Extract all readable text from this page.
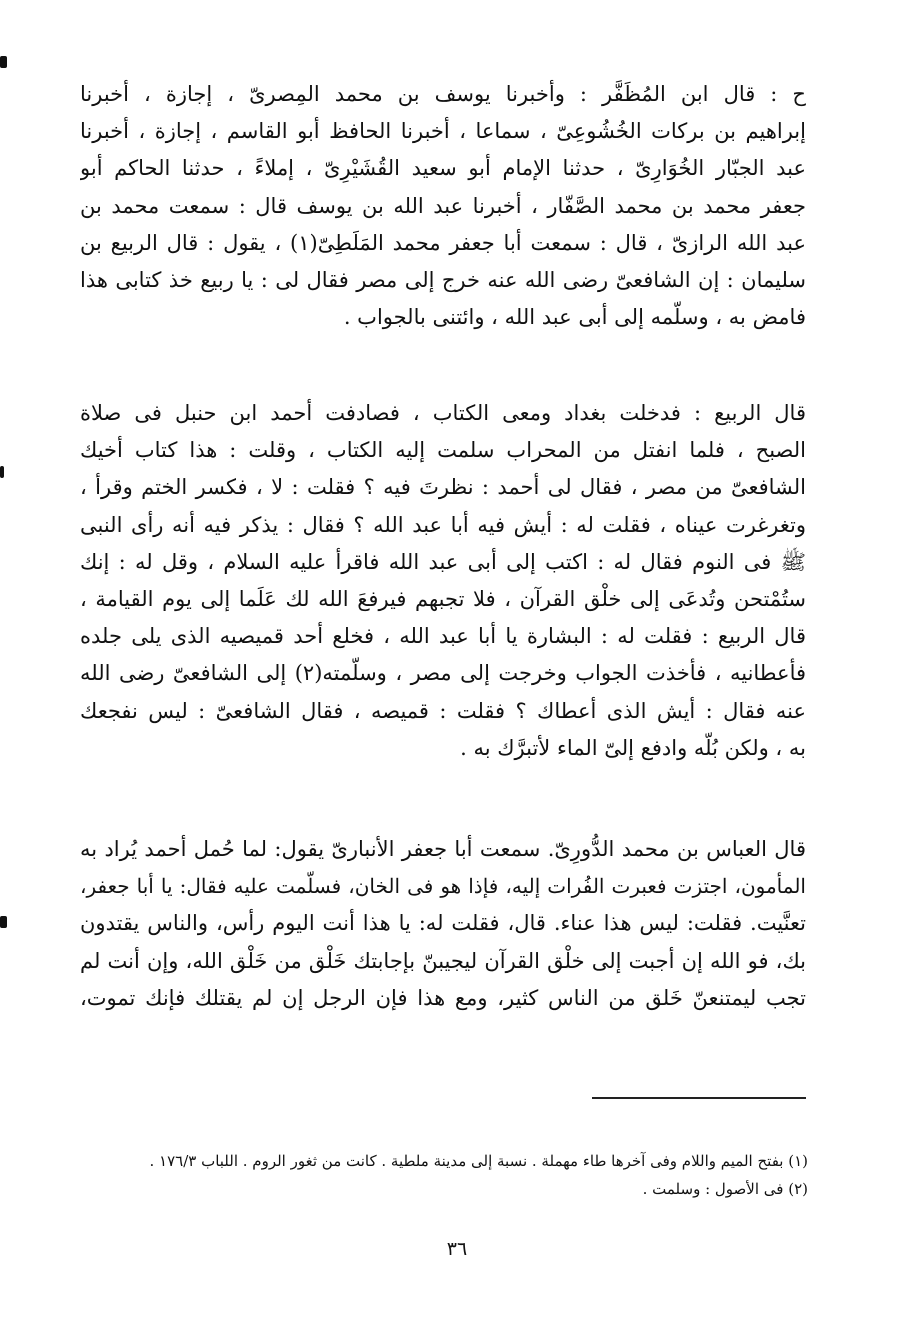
ح : قال ابن المُظَفَّر : وأخبرنا يوسف بن محمد المِصرىّ ، إجازة ، أخبرنا
إبراهيم بن بركات الخُشُوعِىّ ، سماعا ، أخبرنا الحافظ أبو القاسم ، إجازة ، أخبرنا
عبد الجبّار الخُوَارِىّ ، حدثنا الإمام أبو سعيد القُشَيْرِىّ ، إملاءً ، حدثنا الحاكم أبو
جعفر محمد بن محمد الصَّفّار ، أخبرنا عبد الله بن يوسف قال : سمعت محمد بن
عبد الله الرازىّ ، قال : سمعت أبا جعفر محمد المَلَطِىّ(١) ، يقول : قال الربيع بن
سليمان : إن الشافعىّ رضى الله عنه خرج إلى مصر فقال لى : يا ربيع خذ كتابى هذا
فامض به ، وسلّمه إلى أبى عبد الله ، وائتنى بالجواب .
قال الربيع : فدخلت بغداد ومعى الكتاب ، فصادفت أحمد ابن حنبل فى صلاة
الصبح ، فلما انفتل من المحراب سلمت إليه الكتاب ، وقلت : هذا كتاب أخيك
الشافعىّ من مصر ، فقال لى أحمد : نظرتَ فيه ؟ فقلت : لا ، فكسر الختم وقرأ ،
وتغرغرت عيناه ، فقلت له : أيش فيه أبا عبد الله ؟ فقال : يذكر فيه أنه رأى النبى
ﷺ فى النوم فقال له : اكتب إلى أبى عبد الله فاقرأ عليه السلام ، وقل له : إنك
ستُمْتحن وتُدعَى إلى خلْق القرآن ، فلا تجبهم فيرفعَ الله لك عَلَما إلى يوم القيامة ،
قال الربيع : فقلت له : البشارة يا أبا عبد الله ، فخلع أحد قميصيه الذى يلى جلده
فأعطانيه ، فأخذت الجواب وخرجت إلى مصر ، وسلّمته(٢) إلى الشافعىّ رضى الله
عنه فقال : أيش الذى أعطاك ؟ فقلت : قميصه ، فقال الشافعىّ : ليس نفجعك
به ، ولكن بُلّه وادفع إلىّ الماء لأتبرَّك به .
قال العباس بن محمد الدُّورِىّ. سمعت أبا جعفر الأنبارىّ يقول: لما حُمل أحمد يُراد به
المأمون، اجتزت فعبرت الفُرات إليه، فإذا هو فى الخان، فسلّمت عليه فقال: يا أبا جعفر،
تعنَّيت. فقلت: ليس هذا عناء. قال، فقلت له: يا هذا أنت اليوم رأس، والناس يقتدون
بك، فو الله إن أجبت إلى خلْق القرآن ليجيبنّ بإجابتك خَلْق من خَلْق الله، وإن أنت لم
تجب ليمتنعنّ خَلق من الناس كثير، ومع هذا فإن الرجل إن لم يقتلك فإنك تموت،
(١) بفتح الميم واللام وفى آخرها طاء مهملة . نسبة إلى مدينة ملطية . كانت من ثغور الروم . اللباب ١٧٦/٣ .
(٢) فى الأصول : وسلمت .
٣٦
